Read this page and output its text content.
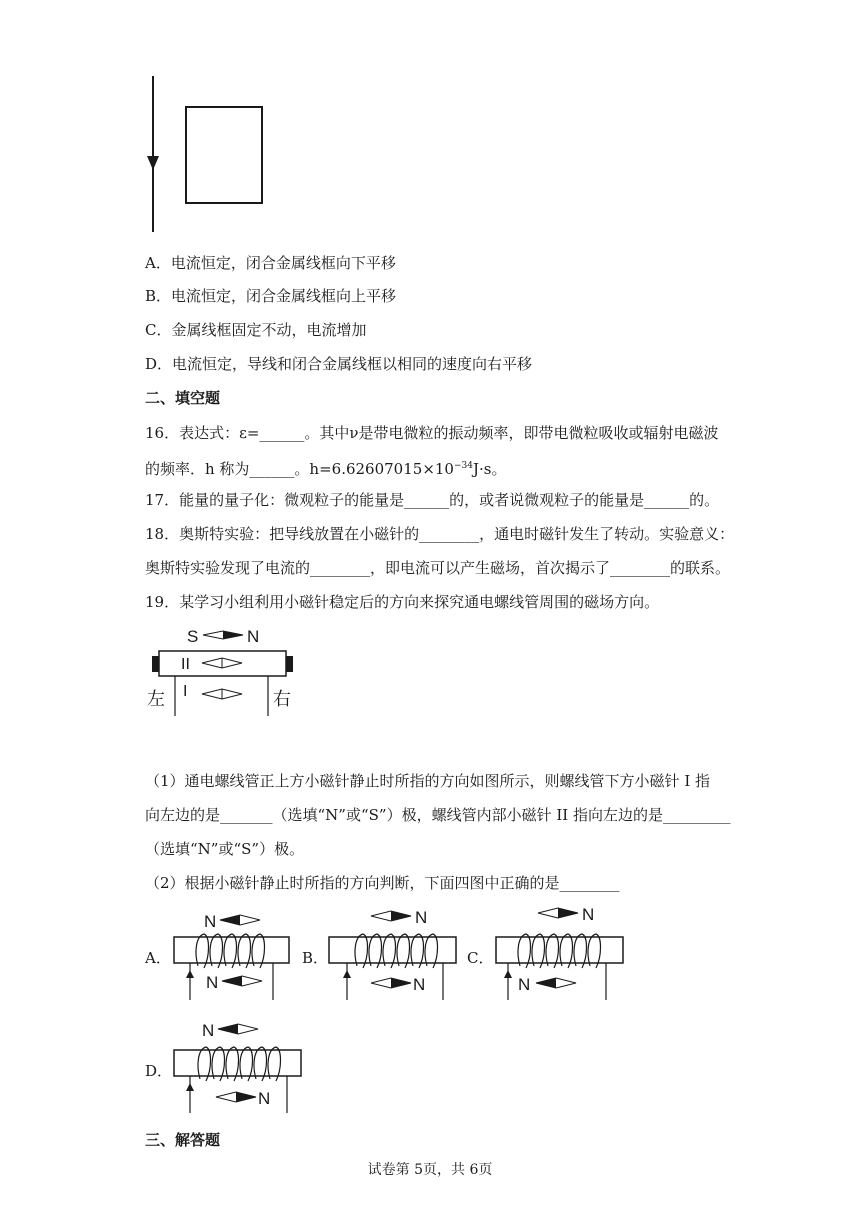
A．电流恒定，闭合金属线框向下平移
B．电流恒定，闭合金属线框向上平移
C．金属线框固定不动，电流增加
D．电流恒定，导线和闭合金属线框以相同的速度向右平移
二、填空题
16．表达式：ε=______。其中ν是带电微粒的振动频率，即带电微粒吸收或辐射电磁波
的频率．h 称为______。$h=6.62607015\times 10^{-34}J\cdot s$。
17．能量的量子化：微观粒子的能量是______的，或者说微观粒子的能量是______的。
18．奥斯特实验：把导线放置在小磁针的________，通电时磁针发生了转动。实验意义：
奥斯特实验发现了电流的________，即电流可以产生磁场，首次揭示了________的联系。
19．某学习小组利用小磁针稳定后的方向来探究通电螺线管周围的磁场方向。
S	N
II
I
左	右
（1）通电螺线管正上方小磁针静止时所指的方向如图所示，则螺线管下方小磁针 I 指
向左边的是_______（选填“N”或“S”）极，螺线管内部小磁针 II 指向左边的是_________
（选填“N”或“S”）极。
（2）根据小磁针静止时所指的方向判断，下面四图中正确的是________
A．
N
N
B．
N
N
C．
N
N
D．
N
N
三、解答题
试卷第 5页，共 6页
